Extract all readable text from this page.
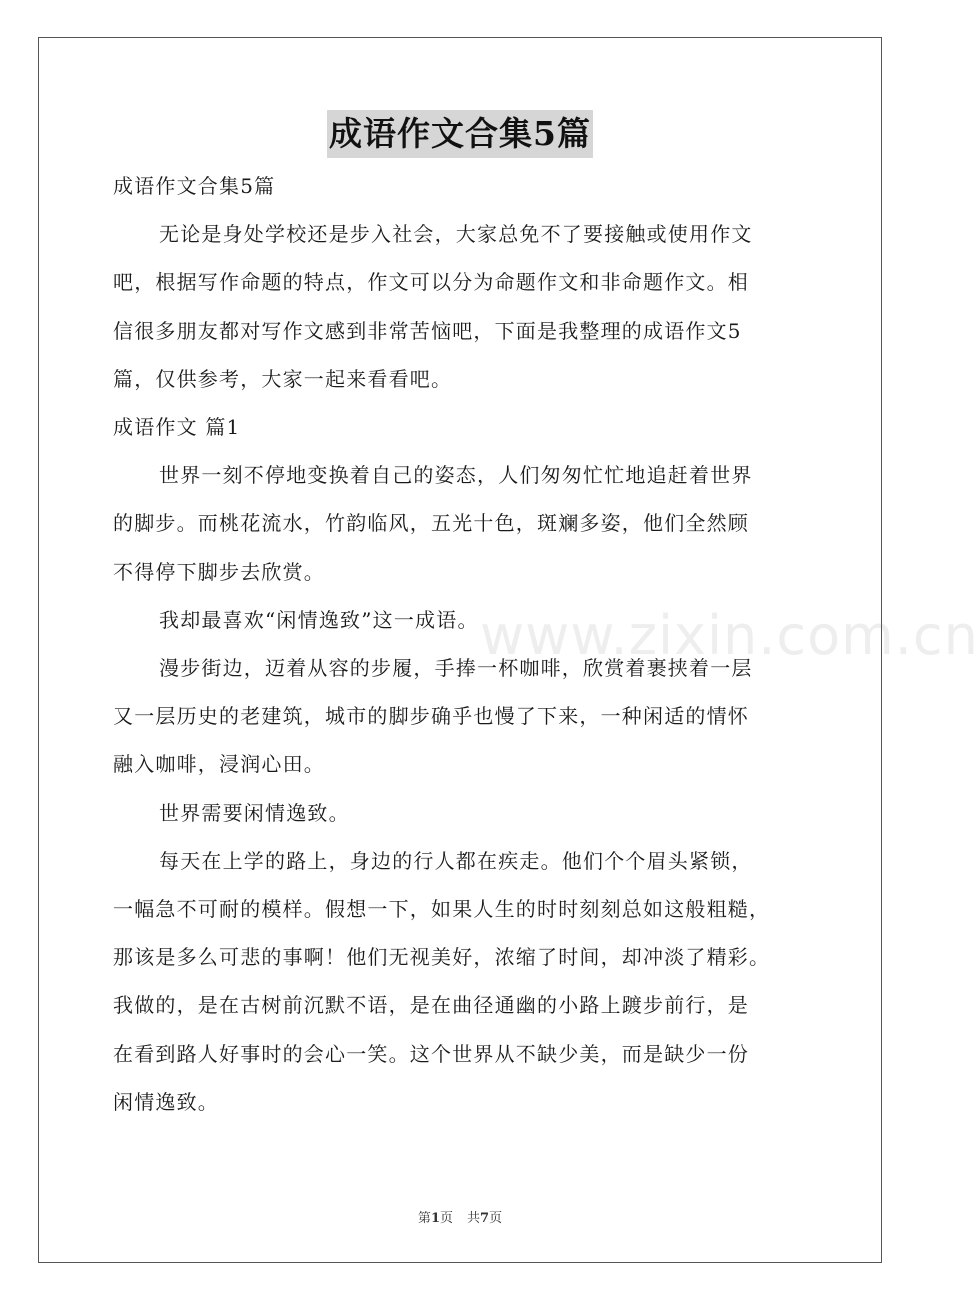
成语作文合集5篇
成语作文合集5篇
无论是身处学校还是步入社会，大家总免不了要接触或使用作文
吧，根据写作命题的特点，作文可以分为命题作文和非命题作文。相
信很多朋友都对写作文感到非常苦恼吧，下面是我整理的成语作文5
篇，仅供参考，大家一起来看看吧。
成语作文 篇1
世界一刻不停地变换着自己的姿态，人们匆匆忙忙地追赶着世界
的脚步。而桃花流水，竹韵临风，五光十色，斑斓多姿，他们全然顾
不得停下脚步去欣赏。
我却最喜欢“闲情逸致”这一成语。
漫步街边，迈着从容的步履，手捧一杯咖啡，欣赏着裹挟着一层
又一层历史的老建筑，城市的脚步确乎也慢了下来，一种闲适的情怀
融入咖啡，浸润心田。
世界需要闲情逸致。
每天在上学的路上，身边的行人都在疾走。他们个个眉头紧锁，
一幅急不可耐的模样。假想一下，如果人生的时时刻刻总如这般粗糙，
那该是多么可悲的事啊！他们无视美好，浓缩了时间，却冲淡了精彩。
我做的，是在古树前沉默不语，是在曲径通幽的小路上踱步前行，是
在看到路人好事时的会心一笑。这个世界从不缺少美，而是缺少一份
闲情逸致。
www.zixin.com.cn
第1页 共7页
